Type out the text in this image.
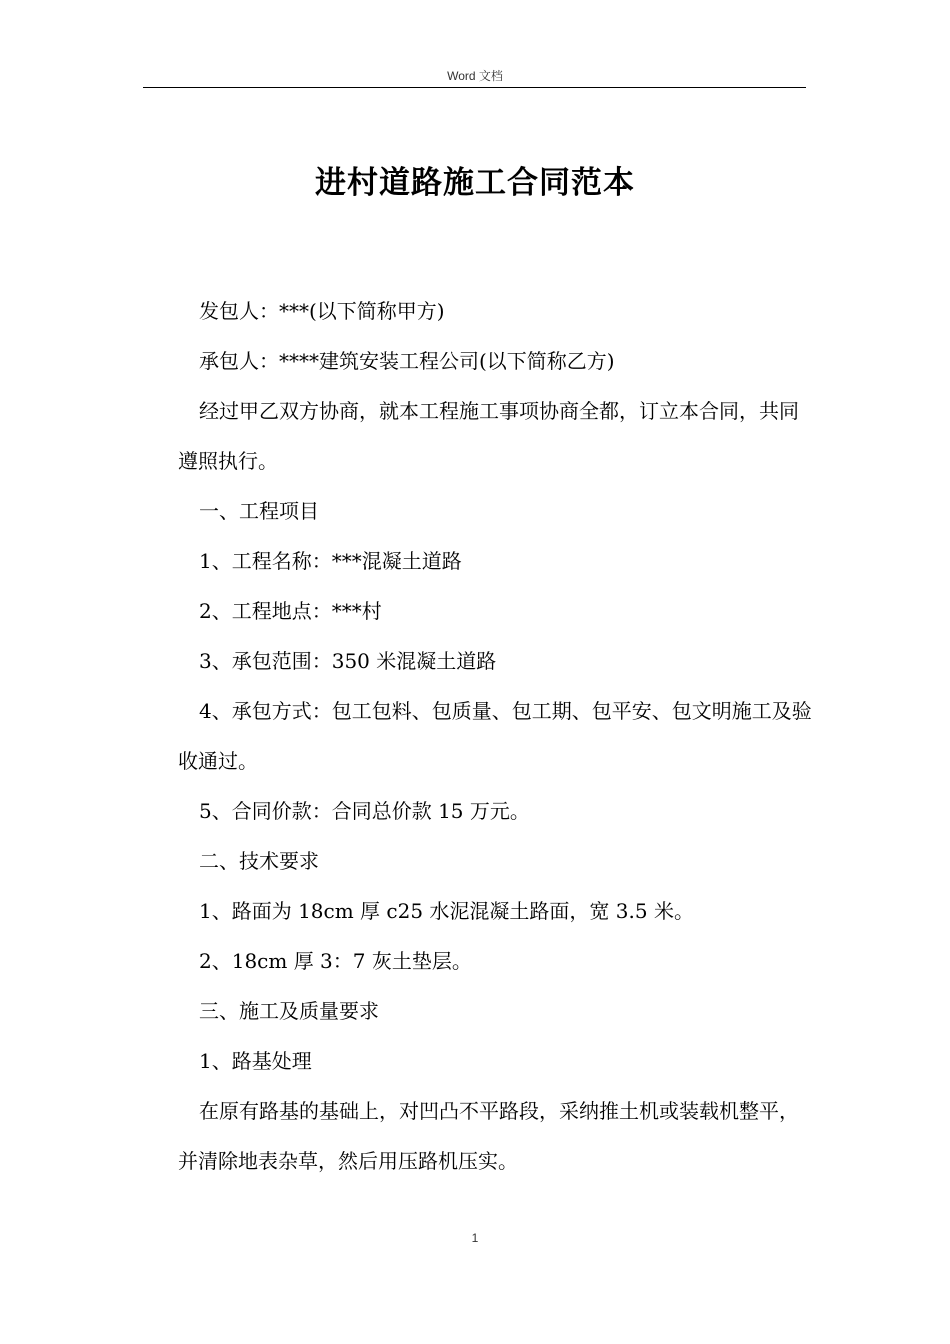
Word 文档
进村道路施工合同范本

发包人：***(以下简称甲方)

承包人：****建筑安装工程公司(以下简称乙方)

经过甲乙双方协商，就本工程施工事项协商全都，订立本合同，共同遵照执行。

一、工程项目

1、工程名称：***混凝土道路

2、工程地点：***村

3、承包范围：350 米混凝土道路

4、承包方式：包工包料、包质量、包工期、包平安、包文明施工及验收通过。

5、合同价款：合同总价款 15 万元。

二、技术要求

1、路面为 18cm 厚 c25 水泥混凝土路面，宽 3.5 米。

2、18cm 厚 3：7 灰土垫层。

三、施工及质量要求

1、路基处理

在原有路基的基础上，对凹凸不平路段，采纳推土机或装载机整平，并清除地表杂草，然后用压路机压实。

1
